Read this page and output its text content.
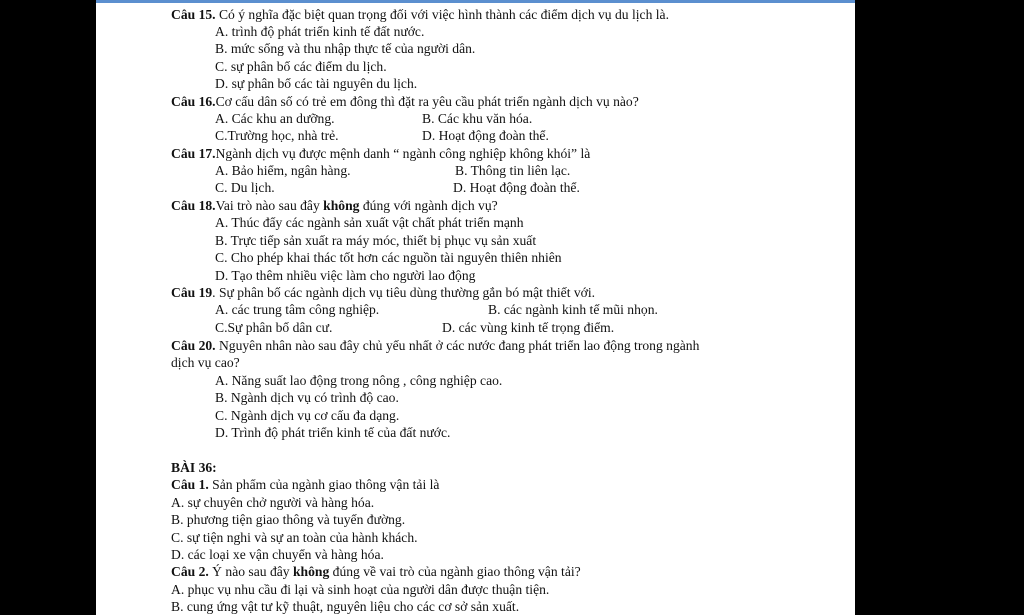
Câu 15. Có ý nghĩa đặc biệt quan trọng đối với việc hình thành các điểm dịch vụ du lịch là.
A. trình độ phát triển kinh tế đất nước.
B. mức sống và thu nhập thực tế của người dân.
C. sự phân bố các điểm du lịch.
D. sự phân bố các tài nguyên du lịch.
Câu 16.Cơ cấu dân số có trẻ em đông thì đặt ra yêu cầu phát triển ngành dịch vụ nào?
A. Các khu an dưỡng.	B. Các khu văn hóa.
C.Trường học, nhà trẻ.	D. Hoạt động đoàn thể.
Câu 17.Ngành dịch vụ được mệnh danh “ ngành công nghiệp không khói” là
A. Bảo hiểm, ngân hàng.	B. Thông tin liên lạc.
C. Du lịch.	D. Hoạt động đoàn thể.
Câu 18.Vai trò nào sau đây không đúng với ngành dịch vụ?
A. Thúc đẩy các ngành sản xuất vật chất phát triển mạnh
B. Trực tiếp sản xuất ra máy móc, thiết bị phục vụ sản xuất
C. Cho phép khai thác tốt hơn các nguồn tài nguyên thiên nhiên
D. Tạo thêm nhiều việc làm cho người lao động
Câu 19. Sự phân bố các ngành dịch vụ tiêu dùng thường gắn bó mật thiết với.
A. các trung tâm công nghiệp.	B. các ngành kinh tế mũi nhọn.
C.Sự phân bố dân cư.	D. các vùng kinh tế trọng điểm.
Câu 20. Nguyên nhân nào sau đây chủ yếu nhất ở các nước đang phát triển lao động trong ngành
dịch vụ cao?
A. Năng suất lao động trong nông , công nghiệp cao.
B. Ngành dịch vụ có trình độ cao.
C. Ngành dịch vụ cơ cấu đa dạng.
D. Trình độ phát triển kinh tế của đất nước.
BÀI 36:
Câu 1. Sản phẩm của ngành giao thông vận tải là
A. sự chuyên chở người và hàng hóa.
B. phương tiện giao thông và tuyến đường.
C. sự tiện nghi và sự an toàn của hành khách.
D. các loại xe vận chuyển và hàng hóa.
Câu 2. Ý nào sau đây không đúng về vai trò của ngành giao thông vận tải?
A. phục vụ nhu cầu đi lại và sinh hoạt của người dân được thuận tiện.
B. cung ứng vật tư kỹ thuật, nguyên liệu cho các cơ sở sản xuất.
